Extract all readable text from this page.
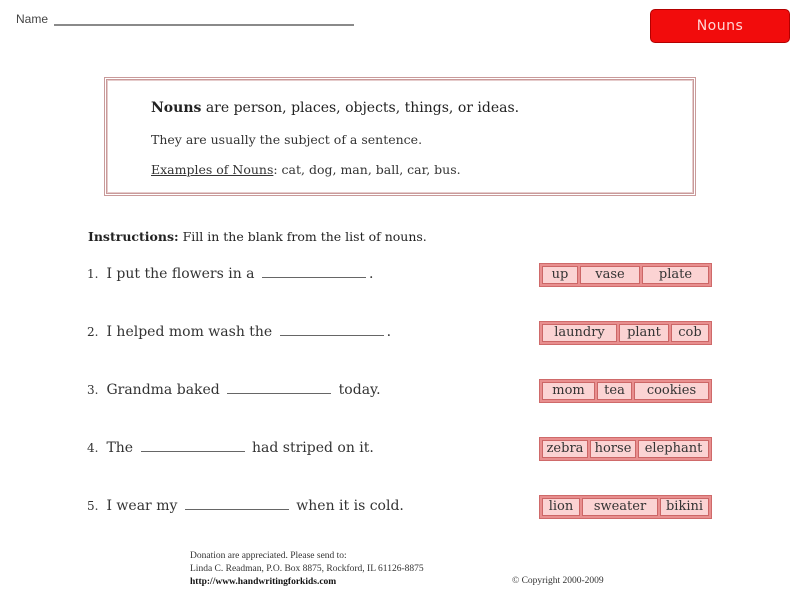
Name	Nouns
Nouns are person, places, objects, things, or ideas.
They are usually the subject of a sentence.
Examples of Nouns: cat, dog, man, ball, car, bus.
Instructions: Fill in the blank from the list of nouns.
1. I put the flowers in a	.	up	vase	plate
2. I helped mom wash the	.	laundry	plant	cob
3. Grandma baked	today.	mom	tea	cookies
4. The	had striped on it.	zebra horse	elephant
5. I wear my	when it is cold.	lion	sweater	bikini
Donation are appreciated. Please send to:
Linda C. Readman, P.O. Box 8875, Rockford, IL 61126-8875
http://www.handwritingforkids.com	© Copyright 2000-2009
